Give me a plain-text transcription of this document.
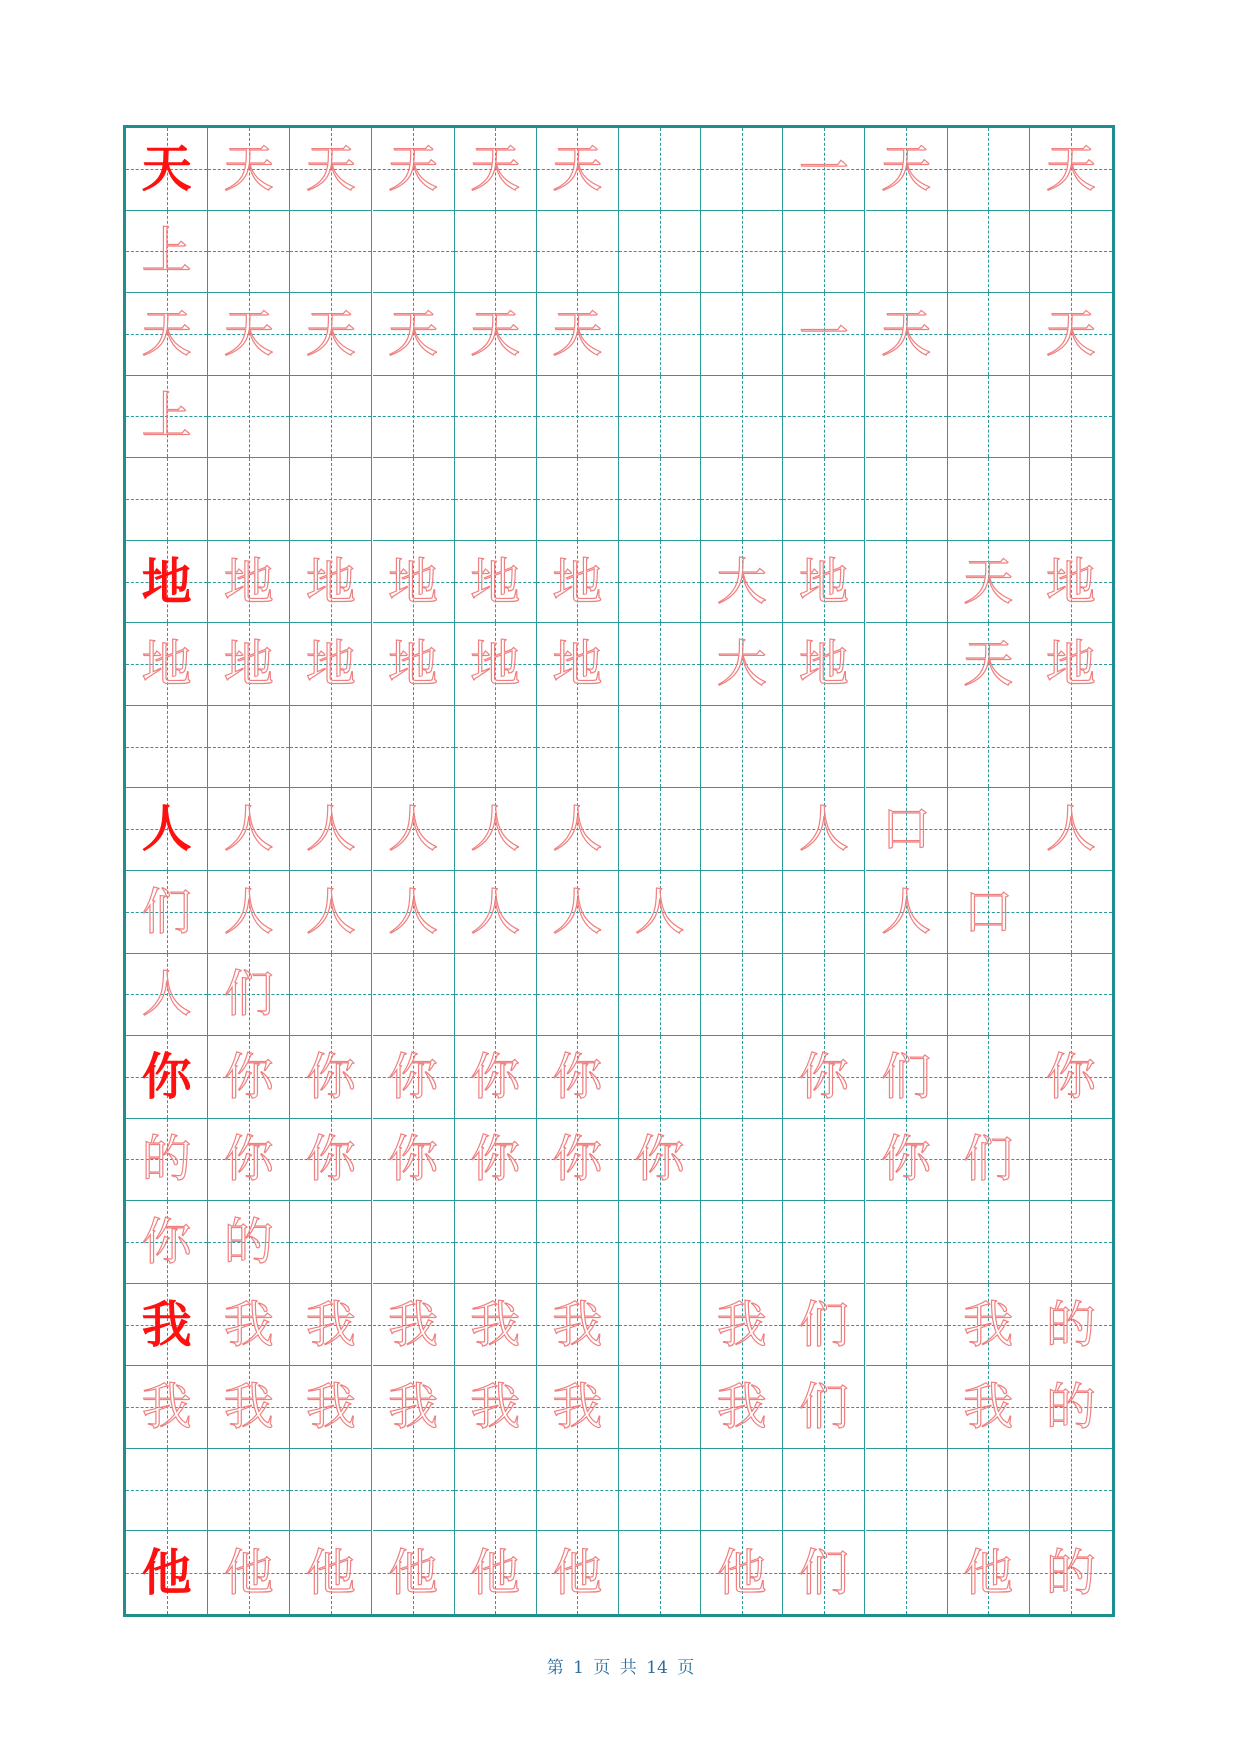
天 天 天 天 天 天	一 天	天
上
天 天 天 天 天 天	一 天	天
上
地 地 地 地 地 地	大 地	天 地
地 地 地 地 地 地	大 地	天 地
人 人 人 人 人 人	人 口	人
们 人 人 人 人 人 人	人 口
人 们
你 你 你 你 你 你	你 们	你
的 你 你 你 你 你 你	你 们
你 的
我 我 我 我 我 我	我 们	我 的
我 我 我 我 我 我	我 们	我 的
他 他 他 他 他 他	他 们	他 的
第 1 页 共 14 页
